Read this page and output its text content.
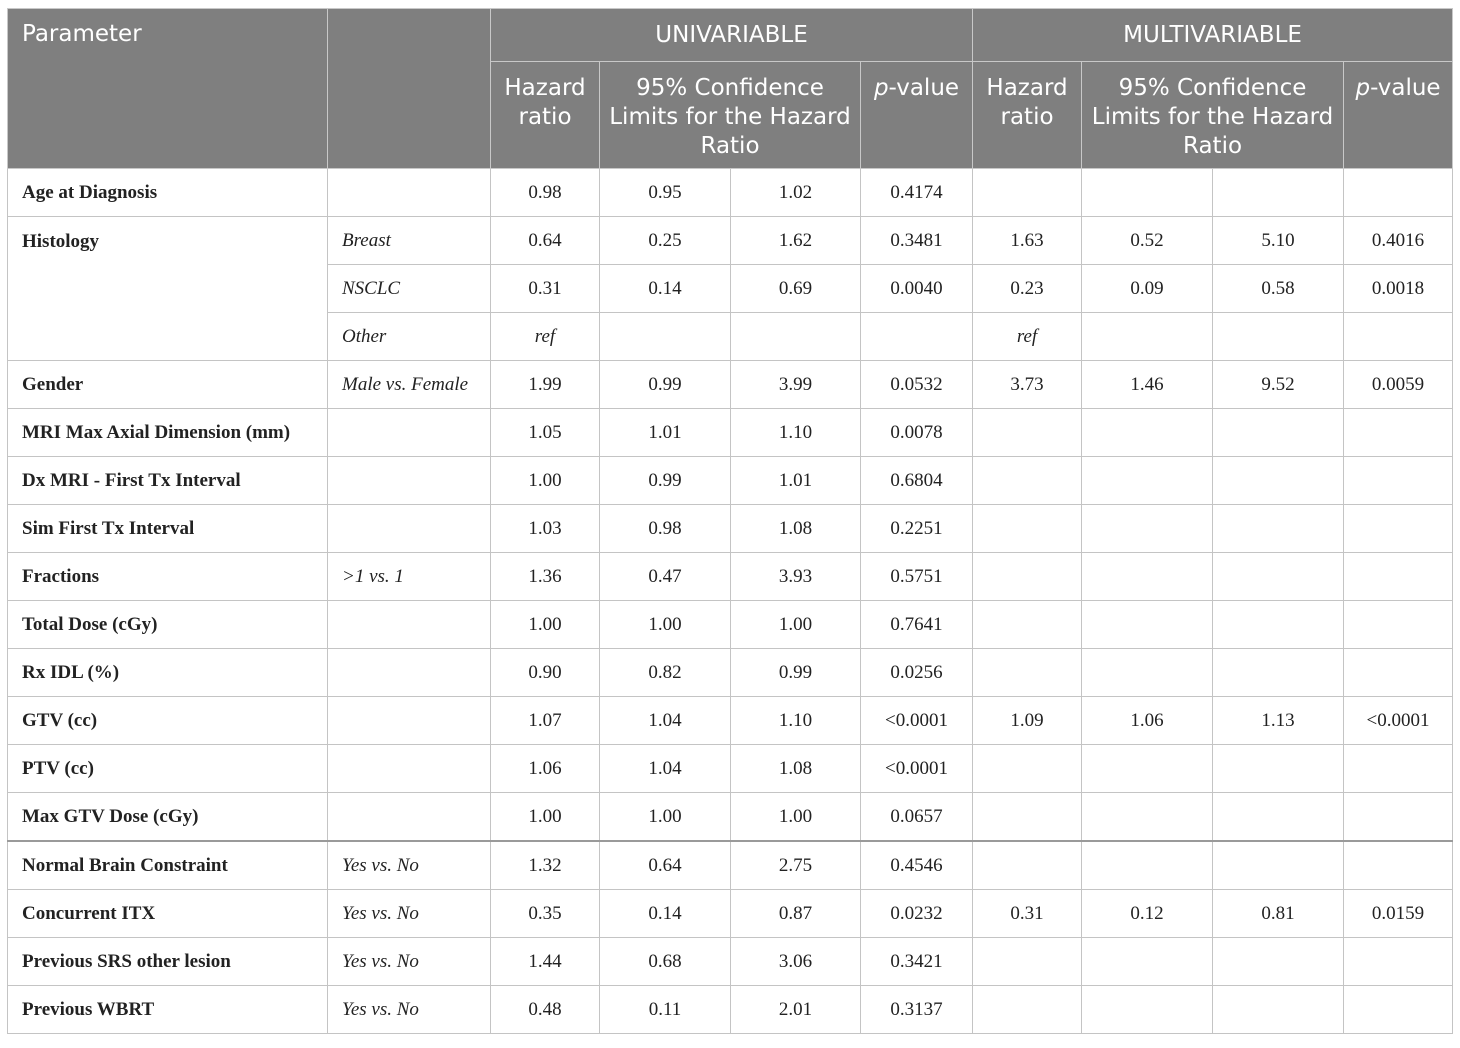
Parameter		UNIVARIABLE				MULTIVARIABLE			
		Hazard ratio	95% Confidence Limits for the Hazard Ratio		p-value	Hazard ratio	95% Confidence Limits for the Hazard Ratio		p-value
Age at Diagnosis		0.98	0.95	1.02	0.4174				
Histology	Breast	0.64	0.25	1.62	0.3481	1.63	0.52	5.10	0.4016
	NSCLC	0.31	0.14	0.69	0.0040	0.23	0.09	0.58	0.0018
	Other	ref				ref			
Gender	Male vs. Female	1.99	0.99	3.99	0.0532	3.73	1.46	9.52	0.0059
MRI Max Axial Dimension (mm)		1.05	1.01	1.10	0.0078				
Dx MRI - First Tx Interval		1.00	0.99	1.01	0.6804				
Sim First Tx Interval		1.03	0.98	1.08	0.2251				
Fractions	>1 vs. 1	1.36	0.47	3.93	0.5751				
Total Dose (cGy)		1.00	1.00	1.00	0.7641				
Rx IDL (%)		0.90	0.82	0.99	0.0256				
GTV (cc)		1.07	1.04	1.10	<0.0001	1.09	1.06	1.13	<0.0001
PTV (cc)		1.06	1.04	1.08	<0.0001				
Max GTV Dose (cGy)		1.00	1.00	1.00	0.0657				
Normal Brain Constraint	Yes vs. No	1.32	0.64	2.75	0.4546				
Concurrent ITX	Yes vs. No	0.35	0.14	0.87	0.0232	0.31	0.12	0.81	0.0159
Previous SRS other lesion	Yes vs. No	1.44	0.68	3.06	0.3421				
Previous WBRT	Yes vs. No	0.48	0.11	2.01	0.3137				
